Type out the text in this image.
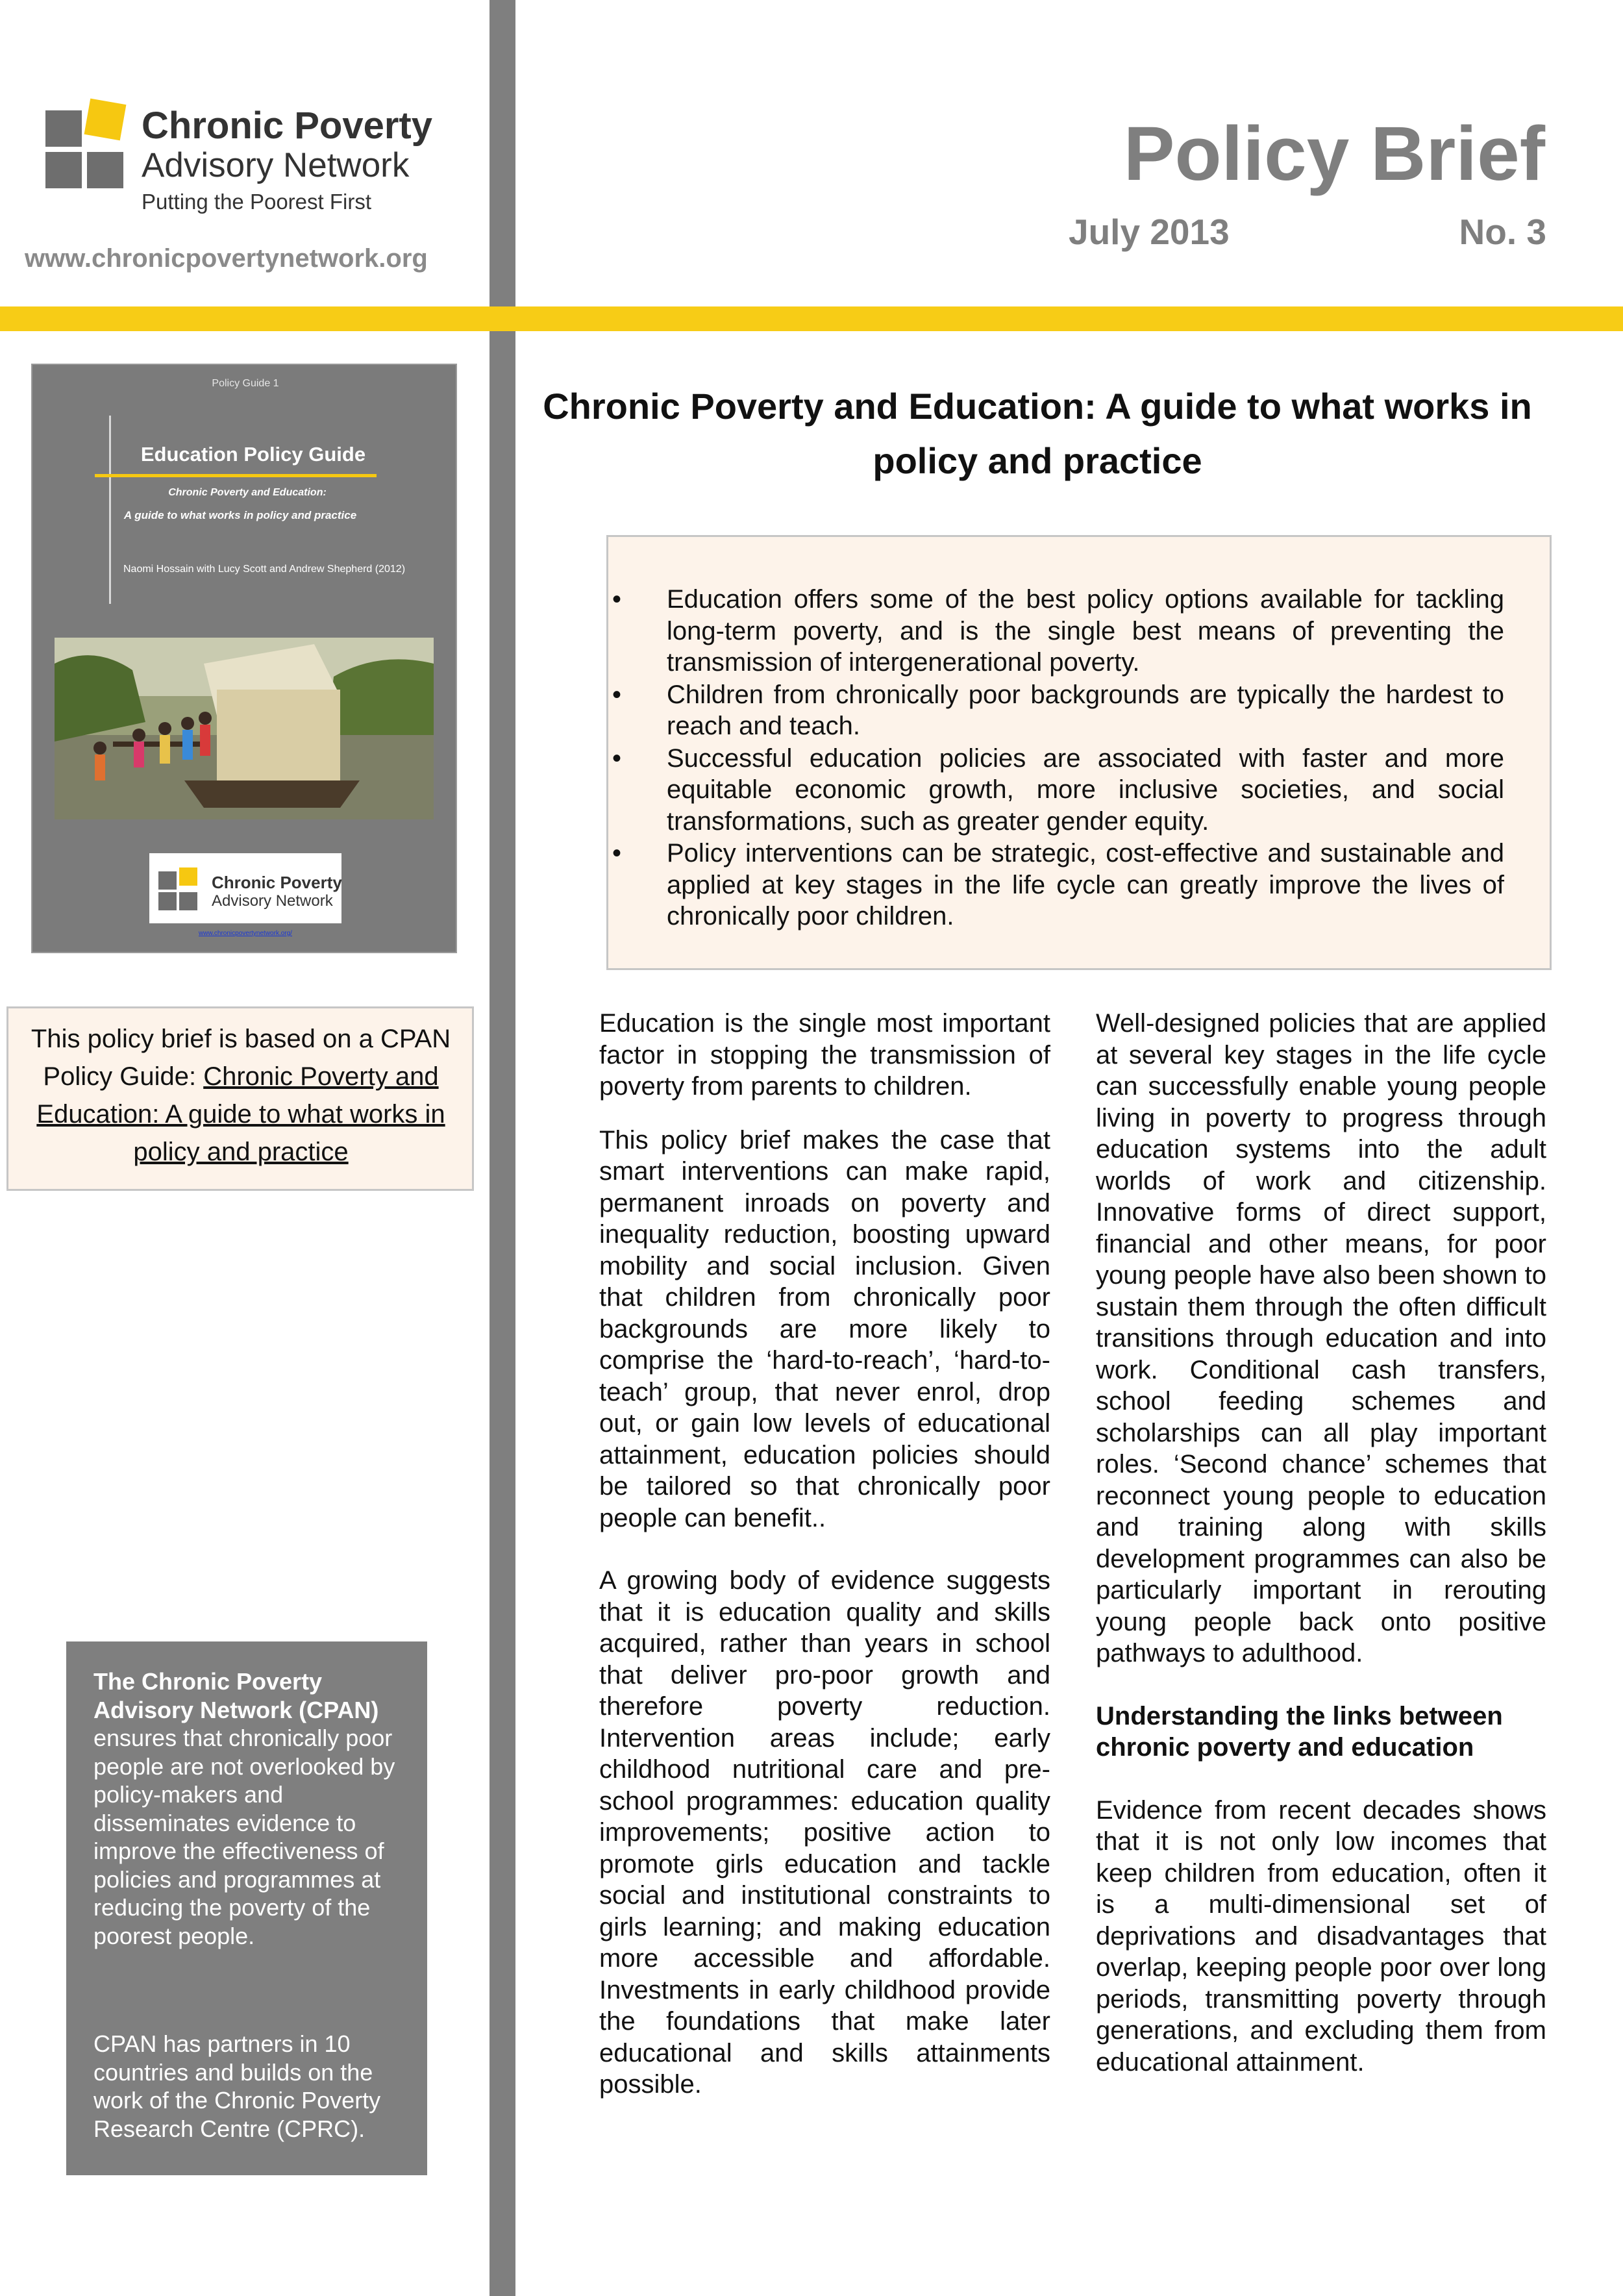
Chronic Poverty
Advisory Network
Putting the Poorest First
www.chronicpovertynetwork.org
Policy Brief
July 2013	No. 3
Policy Guide 1
Education Policy Guide
Chronic Poverty and Education:
A guide to what works in policy and practice
Naomi Hossain with Lucy Scott and Andrew Shepherd (2012)
Chronic Poverty
Advisory Network
www.chronicpovertynetwork.org/
This policy brief is based on a CPAN Policy Guide: Chronic Poverty and Education: A guide to what works in policy and practice
The Chronic Poverty Advisory Network (CPAN) ensures that chronically poor people are not overlooked by policy-makers and disseminates evidence to improve the effectiveness of policies and programmes at reducing the poverty of the poorest people.
CPAN has partners in 10 countries and builds on the work of the Chronic Poverty Research Centre (CPRC).
Chronic Poverty and Education: A guide to what works in policy and practice
•	Education offers some of the best policy options available for tackling long-term poverty, and is the single best means of preventing the transmission of intergenerational poverty.
•	Children from chronically poor backgrounds are typically the hardest to reach and teach.
•	Successful education policies are associated with faster and more equitable economic growth, more inclusive societies, and social transformations, such as greater gender equity.
•	Policy interventions can be strategic, cost-effective and sustainable and applied at key stages in the life cycle can greatly improve the lives of chronically poor children.

Education is the single most important factor in stopping the transmission of poverty from parents to children.

This policy brief makes the case that smart interventions can make rapid, permanent inroads on poverty and inequality reduction, boosting upward mobility and social inclusion. Given that children from chronically poor backgrounds are more likely to comprise the ‘hard-to-reach’, ‘hard-to-teach’ group, that never enrol, drop out, or gain low levels of educational attainment, education policies should be tailored so that chronically poor people can benefit..

A growing body of evidence suggests that it is education quality and skills acquired, rather than years in school that deliver pro-poor growth and therefore poverty reduction. Intervention areas include; early childhood nutritional care and pre-school programmes: education quality improvements; positive action to promote girls education and tackle social and institutional constraints to girls learning; and making education more accessible and affordable. Investments in early childhood provide the foundations that make later educational and skills attainments possible.

Well-designed policies that are applied at several key stages in the life cycle can successfully enable young people living in poverty to progress through education systems into the adult worlds of work and citizenship. Innovative forms of direct support, financial and other means, for poor young people have also been shown to sustain them through the often difficult transitions through education and into work. Conditional cash transfers, school feeding schemes and scholarships can all play important roles. ‘Second chance’ schemes that reconnect young people to education and training along with skills development programmes can also be particularly important in rerouting young people back onto positive pathways to adulthood.

Understanding the links between chronic poverty and education

Evidence from recent decades shows that it is not only low incomes that keep children from education, often it is a multi-dimensional set of deprivations and disadvantages that overlap, keeping people poor over long periods, transmitting poverty through generations, and excluding them from educational attainment.
